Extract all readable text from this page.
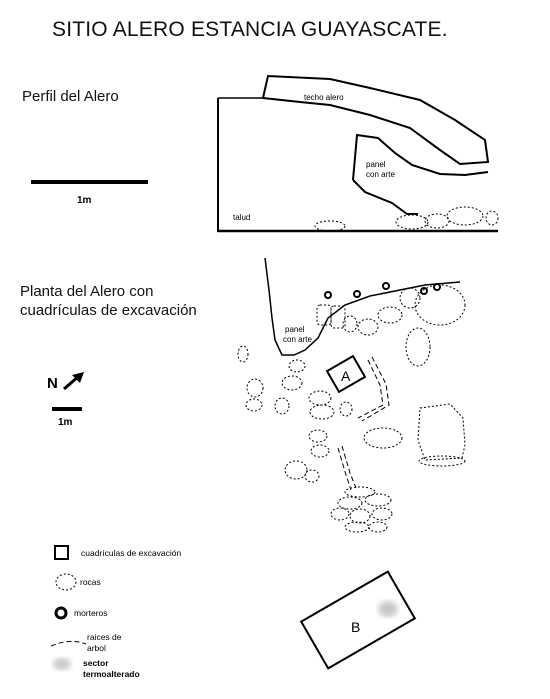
SITIO ALERO ESTANCIA GUAYASCATE.
Perfil del Alero
Planta del Alero con
cuadrículas de excavación
techo alero
panel
con arte
talud
1m
panel
con arte
A
N
1m
B
cuadrículas de excavación
rocas
morteros
raices de
arbol
sector
termoalterado
